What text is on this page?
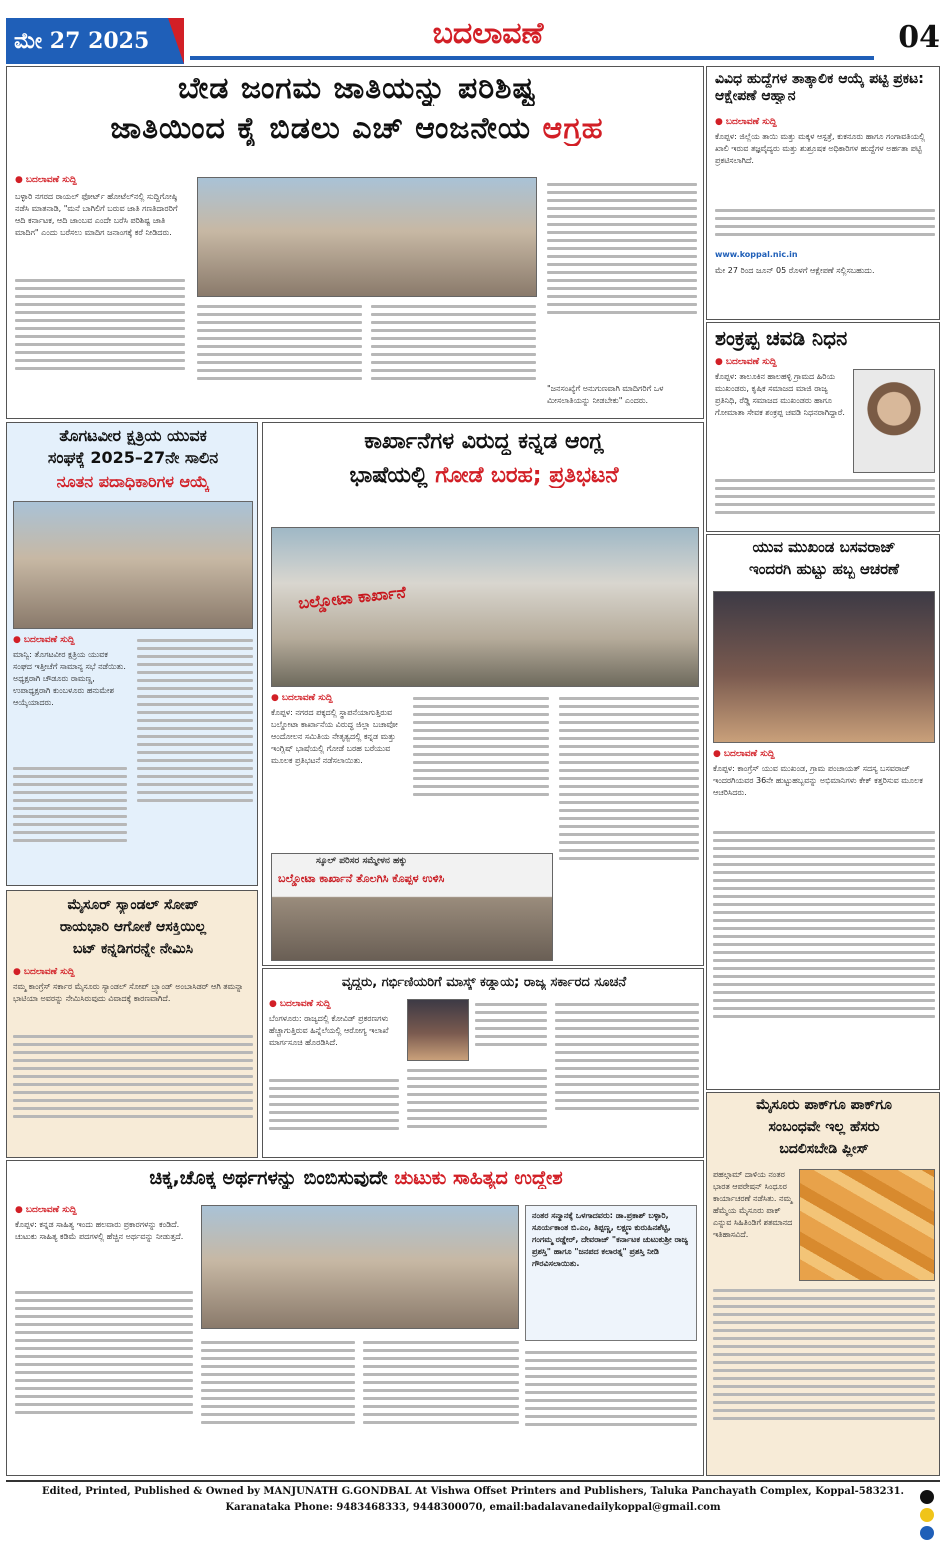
ಮೇ 27 2025	ಬದಲಾವಣೆ	04
ಬೇಡ ಜಂಗಮ ಜಾತಿಯನ್ನು ಪರಿಶಿಷ್ಟ
ಜಾತಿಯಿಂದ ಕೈ ಬಿಡಲು ಎಚ್ ಆಂಜನೇಯ ಆಗ್ರಹ
● ಬದಲಾವಣೆ ಸುದ್ದಿ
ಬಳ್ಳಾರಿ ನಗರದ ರಾಯಲ್ ಫೋರ್ಟ್ ಹೋಟೆಲ್‌ನಲ್ಲಿ ಸುದ್ದಿಗೋಷ್ಠಿ ನಡೆಸಿ ಮಾತನಾಡಿ, "ಮನೆ ಬಾಗಿಲಿಗೆ ಬರುವ ಜಾತಿ ಗಣತಿದಾರರಿಗೆ ಆದಿ ಕರ್ನಾಟಕ, ಆದಿ ಜಾಂಬವ ಎಂದೇ ಬರೆಸಿ ಪರಿಶಿಷ್ಟ ಜಾತಿ ಮಾದಿಗ" ಎಂದು ಬರೆಸಲು ಮಾದಿಗ ಜನಾಂಗಕ್ಕೆ ಕರೆ ನೀಡಿದರು.
"ಜನಸಂಖ್ಯೆಗೆ ಅನುಗುಣವಾಗಿ ಮಾದಿಗರಿಗೆ ಒಳ ಮೀಸಲಾತಿಯನ್ನು ನೀಡಬೇಕು" ಎಂದರು.
ವಿವಿಧ ಹುದ್ದೆಗಳ ತಾತ್ಕಾಲಿಕ ಆಯ್ಕೆ ಪಟ್ಟಿ ಪ್ರಕಟ: ಆಕ್ಷೇಪಣೆ ಆಹ್ವಾನ
● ಬದಲಾವಣೆ ಸುದ್ದಿ
ಕೊಪ್ಪಳ: ಜಿಲ್ಲೆಯ ತಾಯಿ ಮತ್ತು ಮಕ್ಕಳ ಆಸ್ಪತ್ರೆ, ಕುಕನೂರು ಹಾಗೂ ಗಂಗಾವತಿಯಲ್ಲಿ ಖಾಲಿ ಇರುವ ತಜ್ಞವೈದ್ಯರು ಮತ್ತು ಶುಶ್ರೂಷಕ ಅಧಿಕಾರಿಗಳ ಹುದ್ದೆಗಳ ಅರ್ಹತಾ ಪಟ್ಟಿ ಪ್ರಕಟಿಸಲಾಗಿದೆ.
www.koppal.nic.in
ಮೇ 27 ರಿಂದ ಜೂನ್ 05 ರೊಳಗೆ ಆಕ್ಷೇಪಣೆ ಸಲ್ಲಿಸಬಹುದು.
ಶಂಕ್ರಪ್ಪ ಚವಡಿ ನಿಧನ
● ಬದಲಾವಣೆ ಸುದ್ದಿ
ಕೊಪ್ಪಳ: ತಾಲೂಕಿನ ಹಾಲಹಳ್ಳಿ ಗ್ರಾಮದ ಹಿರಿಯ ಮುಖಂಡರು, ಕೃಷಿಕ ಸಮಾಜದ ಮಾಜಿ ರಾಜ್ಯ ಪ್ರತಿನಿಧಿ, ರೆಡ್ಡಿ ಸಮಾಜದ ಮುಖಂಡರು ಹಾಗೂ ಗೋಮಾತಾ ಸೇವಕ ಶಂಕ್ರಪ್ಪ ಚವಡಿ ನಿಧನರಾಗಿದ್ದಾರೆ.
ತೊಗಟವೀರ ಕ್ಷತ್ರಿಯ ಯುವಕ
ಸಂಘಕ್ಕೆ 2025–27ನೇ ಸಾಲಿನ
ನೂತನ ಪದಾಧಿಕಾರಿಗಳ ಆಯ್ಕೆ
● ಬದಲಾವಣೆ ಸುದ್ದಿ
ಮಾನ್ವಿ: ತೊಗಟವೀರ ಕ್ಷತ್ರಿಯ ಯುವಕ ಸಂಘದ ಇತ್ತೀಚೆಗೆ ಸಾಮಾನ್ಯ ಸಭೆ ನಡೆಯಿತು. ಅಧ್ಯಕ್ಷರಾಗಿ ಚೌಡೂರು ರಾಮಣ್ಣ, ಉಪಾಧ್ಯಕ್ಷರಾಗಿ ಕುಂಬಳೂರು ಹನುಮೇಶ ಆಯ್ಕೆಯಾದರು.
ಕಾರ್ಖಾನೆಗಳ ವಿರುದ್ಧ ಕನ್ನಡ ಆಂಗ್ಲ
ಭಾಷೆಯಲ್ಲಿ ಗೋಡೆ ಬರಹ; ಪ್ರತಿಭಟನೆ
ಬಲ್ಡೋಟಾ ಕಾರ್ಖಾನೆ
● ಬದಲಾವಣೆ ಸುದ್ದಿ
ಕೊಪ್ಪಳ: ನಗರದ ಪಕ್ಕದಲ್ಲಿ ಸ್ಥಾಪನೆಯಾಗುತ್ತಿರುವ ಬಲ್ಡೋಟಾ ಕಾರ್ಖಾನೆಯ ವಿರುದ್ಧ ಜಿಲ್ಲಾ ಬಚಾವೋ ಆಂದೋಲನ ಸಮಿತಿಯ ನೇತೃತ್ವದಲ್ಲಿ ಕನ್ನಡ ಮತ್ತು ಇಂಗ್ಲಿಷ್ ಭಾಷೆಯಲ್ಲಿ ಗೋಡೆ ಬರಹ ಬರೆಯುವ ಮೂಲಕ ಪ್ರತಿಭಟನೆ ನಡೆಸಲಾಯಿತು.
ಸ್ಕೂಲ್ ಪರಿಸರ ಸಮ್ಮೇಳನ ಹಕ್ಕು
ಬಲ್ಡೋಟಾ ಕಾರ್ಖಾನೆ ತೊಲಗಿಸಿ ಕೊಪ್ಪಳ ಉಳಿಸಿ
ಯುವ ಮುಖಂಡ ಬಸವರಾಜ್
ಇಂದರಗಿ ಹುಟ್ಟು ಹಬ್ಬ ಆಚರಣೆ
● ಬದಲಾವಣೆ ಸುದ್ದಿ
ಕೊಪ್ಪಳ: ಕಾಂಗ್ರೆಸ್ ಯುವ ಮುಖಂಡ, ಗ್ರಾಮ ಪಂಚಾಯತ್ ಸದಸ್ಯ ಬಸವರಾಜ್ ಇಂದರಗಿಯವರ 36ನೇ ಹುಟ್ಟುಹಬ್ಬವನ್ನು ಅಭಿಮಾನಿಗಳು ಕೇಕ್ ಕತ್ತರಿಸುವ ಮೂಲಕ ಆಚರಿಸಿದರು.
ಮೈಸೂರ್ ಸ್ಯಾಂಡಲ್ ಸೋಪ್
ರಾಯಭಾರಿ ಆಗೋಕೆ ಆಸಕ್ತಿಯಿಲ್ಲ
ಬಟ್ ಕನ್ನಡಿಗರನ್ನೇ ನೇಮಿಸಿ
● ಬದಲಾವಣೆ ಸುದ್ದಿ
ನಮ್ಮ ಕಾಂಗ್ರೆಸ್ ಸರ್ಕಾರ ಮೈಸೂರು ಸ್ಯಾಂಡಲ್ ಸೋಪ್ ಬ್ರ್ಯಾಂಡ್ ಅಂಬಾಸಿಡರ್ ಆಗಿ ತಮನ್ನಾ ಭಾಟಿಯಾ ಅವರನ್ನು ನೇಮಿಸಿರುವುದು ವಿವಾದಕ್ಕೆ ಕಾರಣವಾಗಿದೆ.
ವೃದ್ಧರು, ಗರ್ಭಿಣಿಯರಿಗೆ ಮಾಸ್ಕ್ ಕಡ್ಡಾಯ; ರಾಜ್ಯ ಸರ್ಕಾರದ ಸೂಚನೆ
● ಬದಲಾವಣೆ ಸುದ್ದಿ
ಬೆಂಗಳೂರು: ರಾಜ್ಯದಲ್ಲಿ ಕೋವಿಡ್ ಪ್ರಕರಣಗಳು ಹೆಚ್ಚಾಗುತ್ತಿರುವ ಹಿನ್ನೆಲೆಯಲ್ಲಿ ಆರೋಗ್ಯ ಇಲಾಖೆ ಮಾರ್ಗಸೂಚಿ ಹೊರಡಿಸಿದೆ.
ಮೈಸೂರು ಪಾಕ್‌ಗೂ ಪಾಕ್‌ಗೂ
ಸಂಬಂಧವೇ ಇಲ್ಲ ಹೆಸರು
ಬದಲಿಸಬೇಡಿ ಪ್ಲೀಸ್
ಪಹಲ್ಗಾಮ್ ದಾಳಿಯ ನಂತರ ಭಾರತ ಆಪರೇಷನ್ ಸಿಂಧೂರ ಕಾರ್ಯಾಚರಣೆ ನಡೆಸಿತು. ನಮ್ಮ ಹೆಮ್ಮೆಯ ಮೈಸೂರು ಪಾಕ್ ಎನ್ನುವ ಸಿಹಿತಿಂಡಿಗೆ ಶತಮಾನದ ಇತಿಹಾಸವಿದೆ.
ಚಿಕ್ಕ,ಚೊಕ್ಕ ಅರ್ಥಗಳನ್ನು ಬಿಂಬಿಸುವುದೇ ಚುಟುಕು ಸಾಹಿತ್ಯದ ಉದ್ದೇಶ
● ಬದಲಾವಣೆ ಸುದ್ದಿ
ಕೊಪ್ಪಳ: ಕನ್ನಡ ಸಾಹಿತ್ಯ ಇಂದು ಹಲವಾರು ಪ್ರಕಾರಗಳನ್ನು ಕಂಡಿದೆ. ಚುಟುಕು ಸಾಹಿತ್ಯ ಕಡಿಮೆ ಪದಗಳಲ್ಲಿ ಹೆಚ್ಚಿನ ಅರ್ಥವನ್ನು ನೀಡುತ್ತದೆ.
ನಂತರ ಸನ್ಮಾನಕ್ಕೆ ಒಳಗಾದವರು: ಡಾ.ಪ್ರಕಾಶ್ ಬಳ್ಳಾರಿ, ಸೂರ್ಯಕಾಂತ ಬಿ.ಎಂ, ತಿಪ್ಪಣ್ಣ, ಲಕ್ಷ್ಮಣ ಕುರುಹಿನಶೆಟ್ಟಿ, ಗಂಗಮ್ಮ ರಡ್ಡೇರ್, ದೇವರಾಜ್ "ಕರ್ನಾಟಕ ಚುಟುಕುಶ್ರೀ ರಾಜ್ಯ ಪ್ರಶಸ್ತಿ" ಹಾಗೂ "ಜನಪದ ಕಲಾರತ್ನ" ಪ್ರಶಸ್ತಿ ನೀಡಿ ಗೌರವಿಸಲಾಯಿತು.
Edited, Printed, Published & Owned by MANJUNATH G.GONDBAL At Vishwa Offset Printers and Publishers, Taluka Panchayath Complex, Koppal-583231.
Karanataka Phone: 9483468333, 9448300070, email:badalavanedailykoppal@gmail.com
